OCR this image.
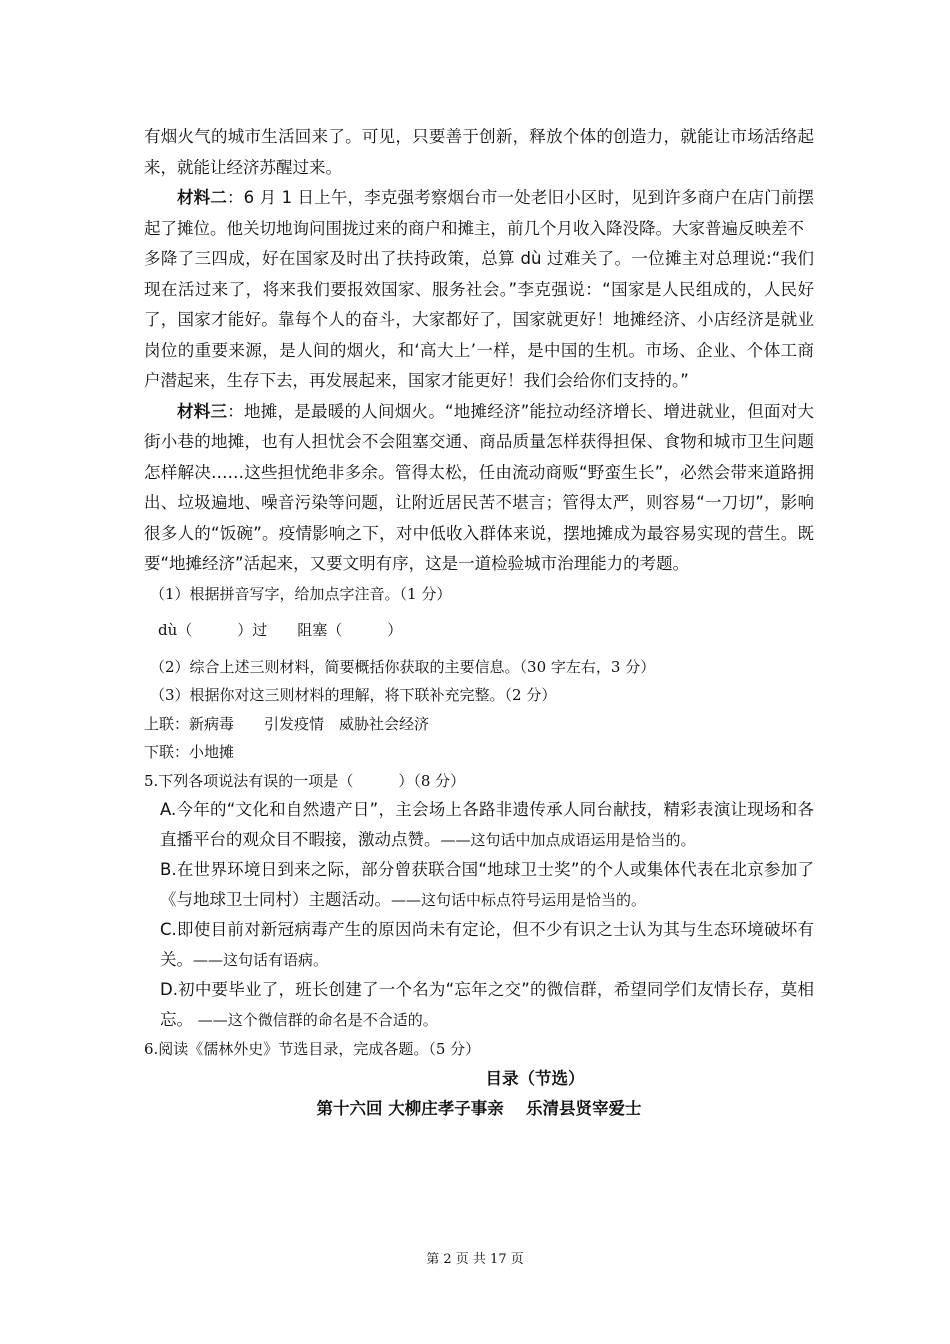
有烟火气的城市生活回来了。可见，只要善于创新，释放个体的创造力，就能让市场活络起来，就能让经济苏醒过来。

材料二：6 月 1 日上午，李克强考察烟台市一处老旧小区时，见到许多商户在店门前摆起了摊位。他关切地询问围拢过来的商户和摊主，前几个月收入降没降。大家普遍反映差不

多降了三四成，好在国家及时出了扶持政策，总算 dù 过难关了。一位摊主对总理说:“我们现在活过来了，将来我们要报效国家、服务社会。”李克强说：“国家是人民组成的，人民好了，国家才能好。靠每个人的奋斗，大家都好了，国家就更好！地摊经济、小店经济是就业岗位的重要来源，是人间的烟火，和‘高大上’一样，是中国的生机。市场、企业、个体工商户潜起来，生存下去，再发展起来，国家才能更好！我们会给你们支持的。”

材料三：地摊，是最暖的人间烟火。“地摊经济”能拉动经济增长、增进就业，但面对大街小巷的地摊，也有人担忧会不会阻塞交通、商品质量怎样获得担保、食物和城市卫生问题怎样解决……这些担忧绝非多余。管得太松，任由流动商贩“野蛮生长”，必然会带来道路拥出、垃圾遍地、噪音污染等问题，让附近居民苦不堪言；管得太严，则容易“一刀切”，影响很多人的“饭碗”。疫情影响之下，对中低收入群体来说，摆地摊成为最容易实现的营生。既要“地摊经济”活起来，又要文明有序，这是一道检验城市治理能力的考题。

（1）根据拼音写字，给加点字注音。（1 分）

dù（　　　）过　　阻塞（　　　）

（2）综合上述三则材料，简要概括你获取的主要信息。（30 字左右，3 分）

（3）根据你对这三则材料的理解，将下联补充完整。（2 分）

上联：新病毒　　引发疫情　威胁社会经济

下联：小地摊

5.下列各项说法有误的一项是（　　　）（8 分）

A.今年的“文化和自然遗产日”，主会场上各路非遗传承人同台献技，精彩表演让现场和各直播平台的观众目不暇接，激动点赞。——这句话中加点成语运用是恰当的。

B.在世界环境日到来之际，部分曾获联合国“地球卫士奖”的个人或集体代表在北京参加了《与地球卫士同村）主题活动。——这句话中标点符号运用是恰当的。

C.即使目前对新冠病毒产生的原因尚未有定论，但不少有识之士认为其与生态环境破坏有关。——这句话有语病。

D.初中要毕业了，班长创建了一个名为“忘年之交”的微信群，希望同学们友情长存，莫相忘。 ——这个微信群的命名是不合适的。

6.阅读《儒林外史》节选目录，完成各题。（5 分）

目录（节选）

第十六回 大柳庄孝子事亲　 乐清县贤宰爱士

第 2 页 共 17 页
